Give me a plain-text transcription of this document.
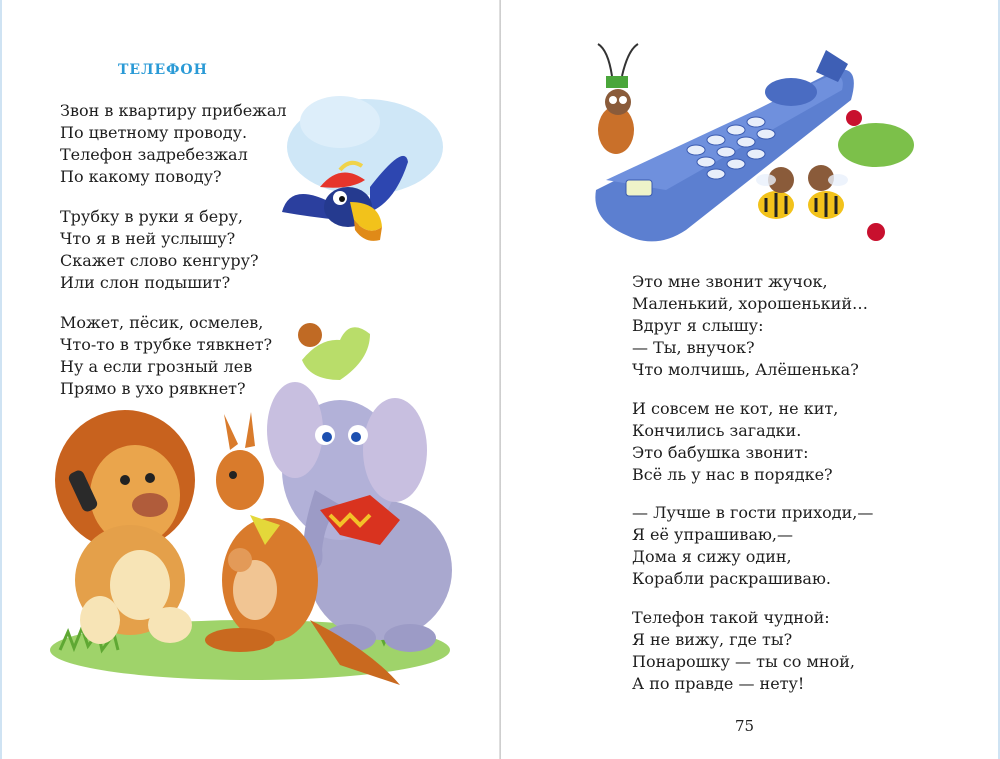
ТЕЛЕФОН
Звон в квартиру прибежал
По цветному проводу.
Телефон задребезжал
По какому поводу?
Трубку в руки я беру,
Что я в ней услышу?
Скажет слово кенгуру?
Или слон подышит?
Может, пёсик, осмелев,
Что-то в трубке тявкнет?
Ну а если грозный лев
Прямо в ухо рявкнет?
Это мне звонит жучок,
Маленький, хорошенький…
Вдруг я слышу:
— Ты, внучок?
Что молчишь, Алёшенька?
И совсем не кот, не кит,
Кончились загадки.
Это бабушка звонит:
Всё ль у нас в порядке?
— Лучше в гости приходи,—
Я её упрашиваю,—
Дома я сижу один,
Корабли раскрашиваю.
Телефон такой чудной:
Я не вижу, где ты?
Понарошку — ты со мной,
А по правде — нету!
75
